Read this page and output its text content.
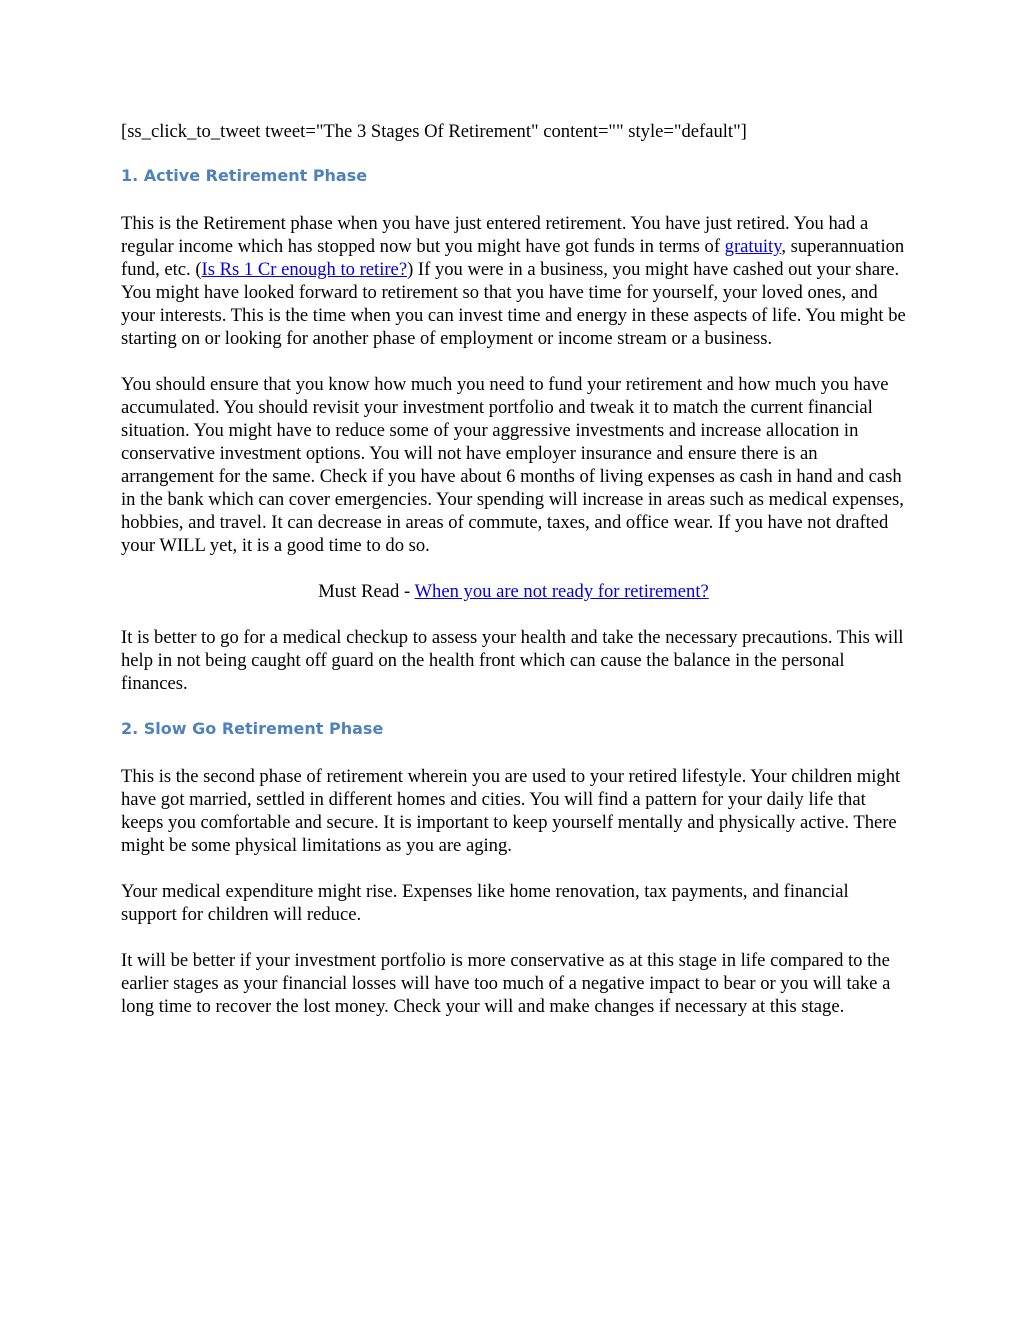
[ss_click_to_tweet tweet="The 3 Stages Of Retirement" content="" style="default"]

1. Active Retirement Phase

This is the Retirement phase when you have just entered retirement. You have just retired. You had a regular income which has stopped now but you might have got funds in terms of gratuity, superannuation fund, etc. (Is Rs 1 Cr enough to retire?) If you were in a business, you might have cashed out your share. You might have looked forward to retirement so that you have time for yourself, your loved ones, and your interests. This is the time when you can invest time and energy in these aspects of life. You might be starting on or looking for another phase of employment or income stream or a business.

You should ensure that you know how much you need to fund your retirement and how much you have accumulated. You should revisit your investment portfolio and tweak it to match the current financial situation. You might have to reduce some of your aggressive investments and increase allocation in conservative investment options. You will not have employer insurance and ensure there is an arrangement for the same. Check if you have about 6 months of living expenses as cash in hand and cash in the bank which can cover emergencies. Your spending will increase in areas such as medical expenses, hobbies, and travel. It can decrease in areas of commute, taxes, and office wear. If you have not drafted your WILL yet, it is a good time to do so.

Must Read - When you are not ready for retirement?

It is better to go for a medical checkup to assess your health and take the necessary precautions. This will help in not being caught off guard on the health front which can cause the balance in the personal finances.

2. Slow Go Retirement Phase

This is the second phase of retirement wherein you are used to your retired lifestyle. Your children might have got married, settled in different homes and cities. You will find a pattern for your daily life that keeps you comfortable and secure. It is important to keep yourself mentally and physically active. There might be some physical limitations as you are aging.

Your medical expenditure might rise. Expenses like home renovation, tax payments, and financial support for children will reduce.

It will be better if your investment portfolio is more conservative as at this stage in life compared to the earlier stages as your financial losses will have too much of a negative impact to bear or you will take a long time to recover the lost money. Check your will and make changes if necessary at this stage.
